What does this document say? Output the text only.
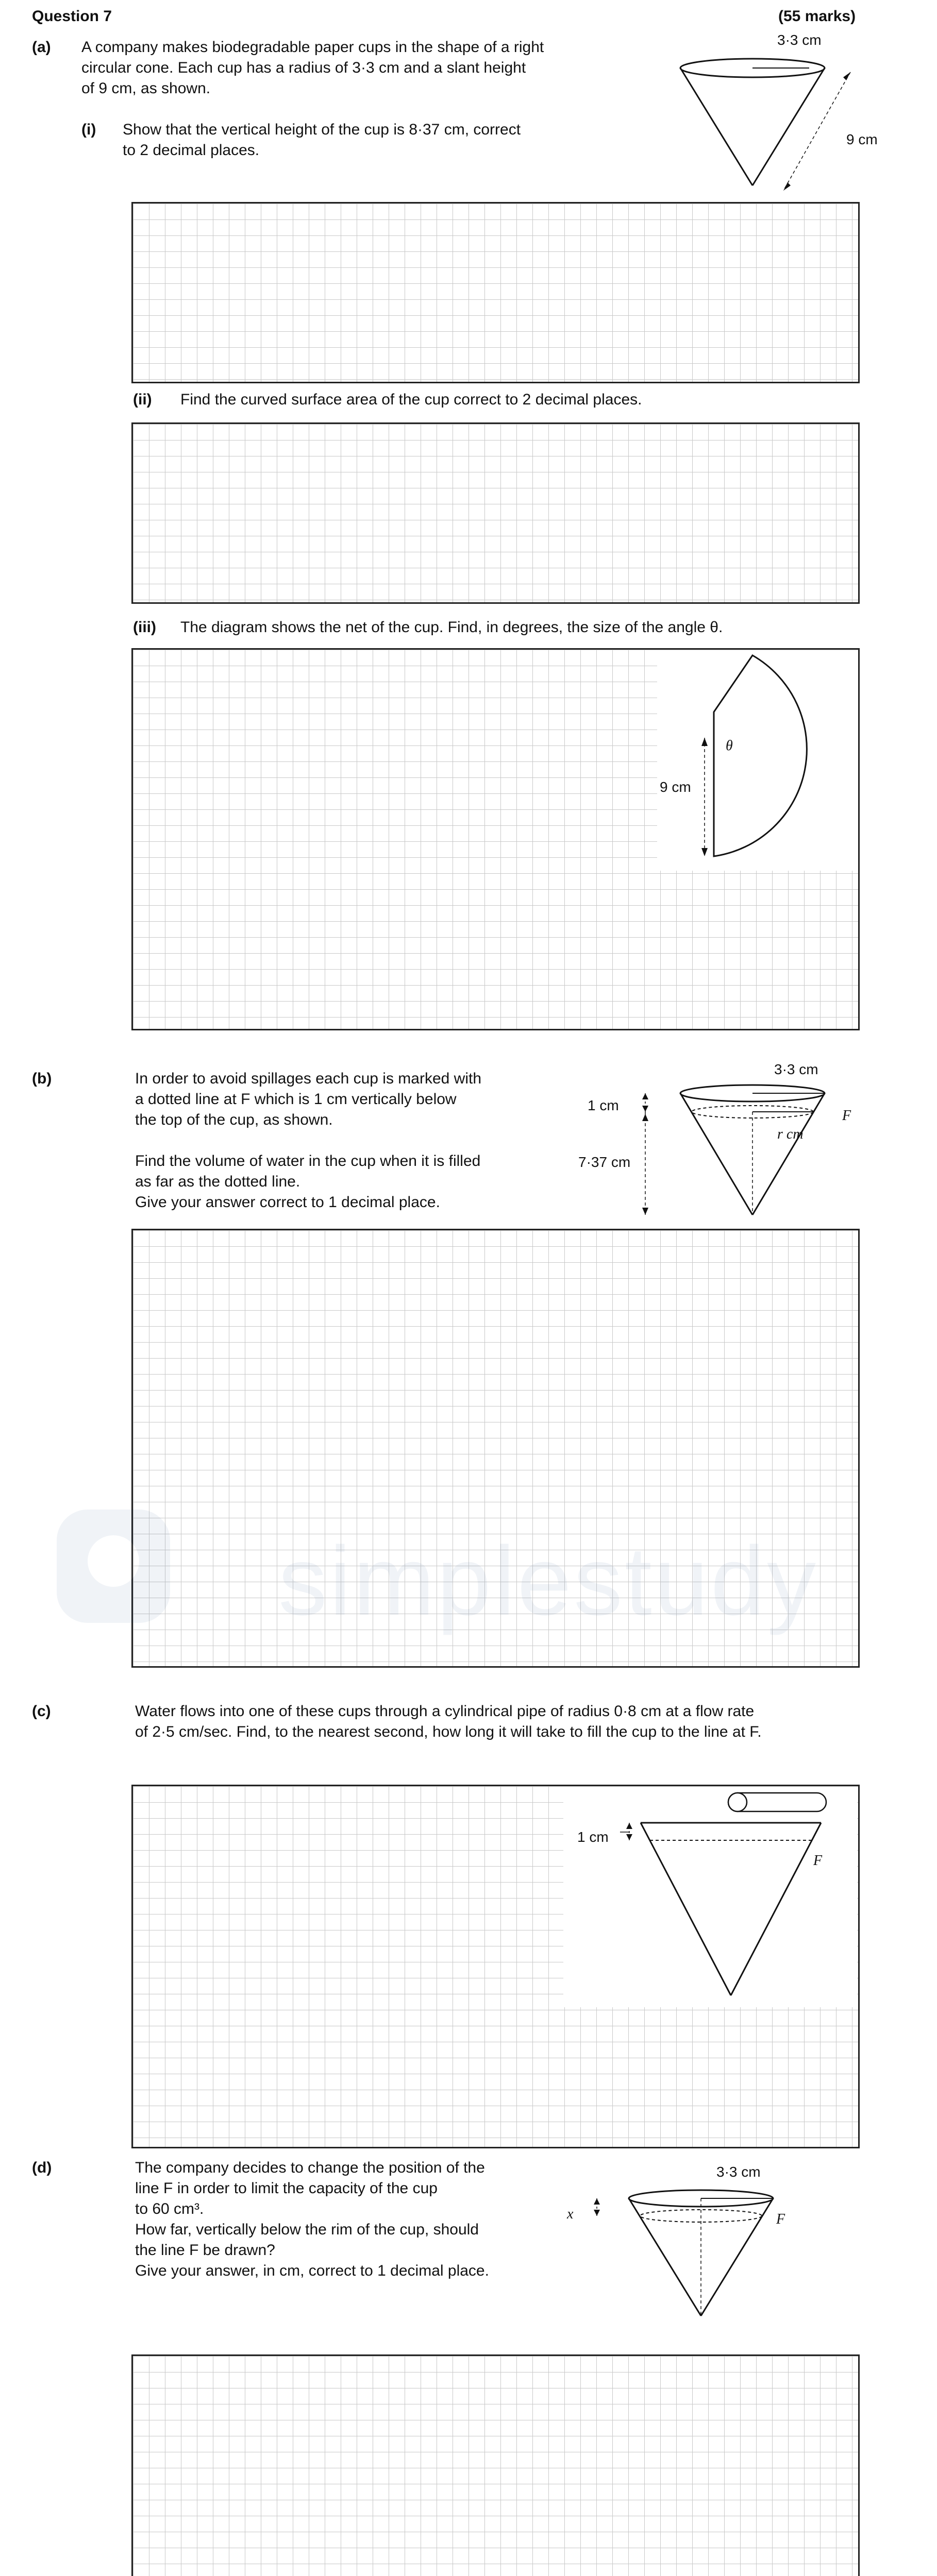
Question 7	(55 marks)
(a) A company makes biodegradable paper cups in the shape of a right
circular cone. Each cup has a radius of 3·3 cm and a slant height
of 9 cm, as shown.
3·3 cm
9 cm
(i) Show that the vertical height of the cup is 8·37 cm, correct
to 2 decimal places.
(ii) Find the curved surface area of the cup correct to 2 decimal places.
(iii) The diagram shows the net of the cup. Find, in degrees, the size of the angle θ.
θ
9 cm
(b)	In order to avoid spillages each cup is marked with
a dotted line at F which is 1 cm vertically below
the top of the cup, as shown.
Find the volume of water in the cup when it is filled
as far as the dotted line.
Give your answer correct to 1 decimal place.
3·3 cm
1 cm
7·37 cm
r cm
F
simplestudy
(c)	Water flows into one of these cups through a cylindrical pipe of radius 0·8 cm at a flow rate
of 2·5 cm/sec. Find, to the nearest second, how long it will take to fill the cup to the line at F.
1 cm
F
(d)	The company decides to change the position of the
line F in order to limit the capacity of the cup
to 60 cm³.
How far, vertically below the rim of the cup, should
the line F be drawn?
Give your answer, in cm, correct to 1 decimal place.
3·3 cm
x	F
